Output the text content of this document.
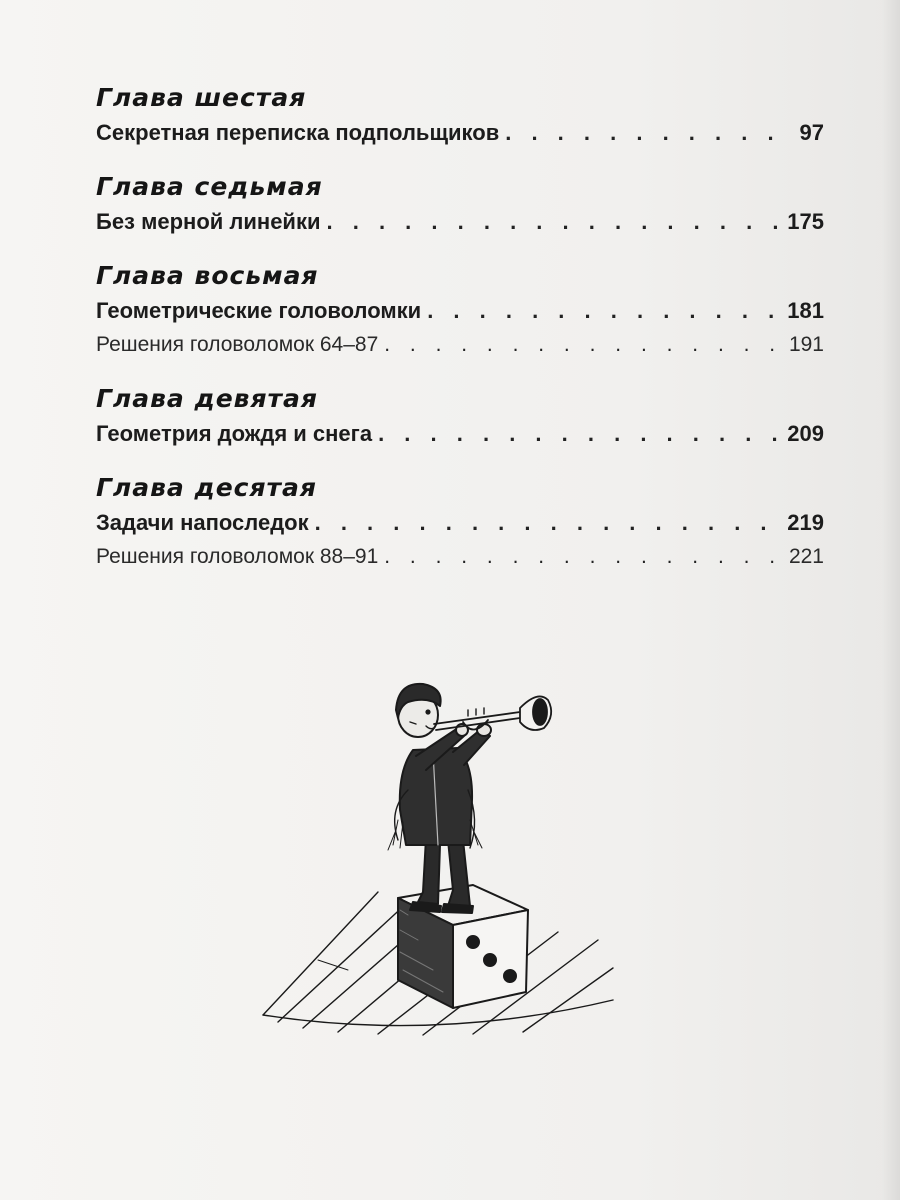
Глава шестая
Секретная переписка подпольщиков . . .	97
Глава седьмая
Без мерной линейки . . .	175
Глава восьмая
Геометрические головоломки . . .	181
Решения головоломок 64–87 . . .	191
Глава девятая
Геометрия дождя и снега . . .	209
Глава десятая
Задачи напоследок . . .	219
Решения головоломок 88–91 . . .	221
